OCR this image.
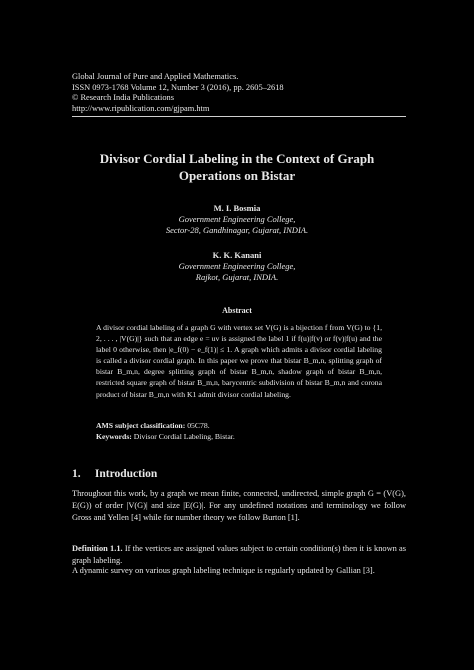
Global Journal of Pure and Applied Mathematics.
ISSN 0973-1768 Volume 12, Number 3 (2016), pp. 2605–2618
© Research India Publications
http://www.ripublication.com/gjpam.htm
Divisor Cordial Labeling in the Context of Graph
Operations on Bistar
M. I. Bosmia
Government Engineering College,
Sector-28, Gandhinagar, Gujarat, INDIA.
K. K. Kanani
Government Engineering College,
Rajkot, Gujarat, INDIA.
Abstract
A divisor cordial labeling of a graph G with vertex set V(G) is a bijection f from V(G) to {1, 2, . . . , |V(G)|} such that an edge e = uv is assigned the label 1 if f(u)|f(v) or f(v)|f(u) and the label 0 otherwise, then |e_f(0) − e_f(1)| ≤ 1. A graph which admits a divisor cordial labeling is called a divisor cordial graph. In this paper we prove that bistar B_m,n, splitting graph of bistar B_m,n, degree splitting graph of bistar B_m,n, shadow graph of bistar B_m,n, restricted square graph of bistar B_m,n, barycentric subdivision of bistar B_m,n and corona product of bistar B_m,n with K1 admit divisor cordial labeling.
AMS subject classification: 05C78.
Keywords: Divisor Cordial Labeling, Bistar.
1. Introduction
Throughout this work, by a graph we mean finite, connected, undirected, simple graph G = (V(G), E(G)) of order |V(G)| and size |E(G)|. For any undefined notations and terminology we follow Gross and Yellen [4] while for number theory we follow Burton [1].
Definition 1.1. If the vertices are assigned values subject to certain condition(s) then it is known as graph labeling.
A dynamic survey on various graph labeling technique is regularly updated by Gallian [3].
